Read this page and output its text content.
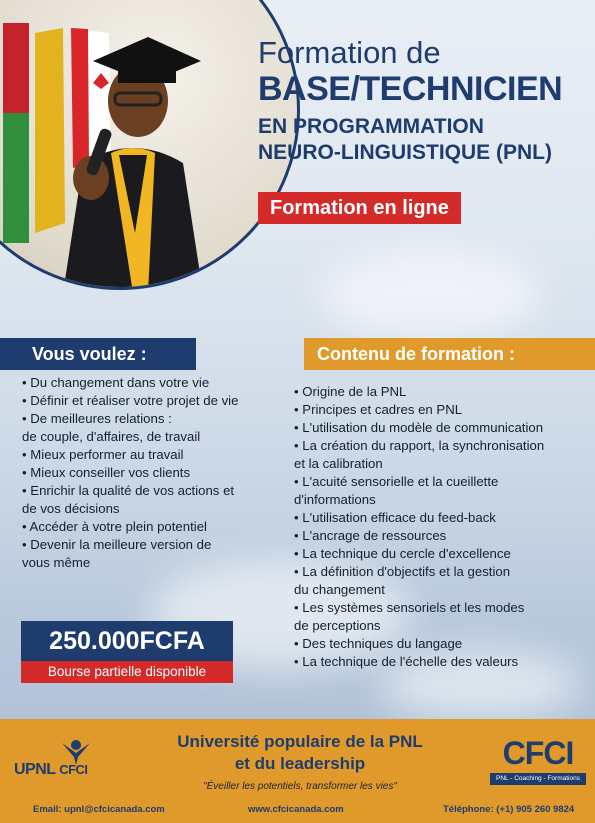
Formation de
BASE/TECHNICIEN
EN PROGRAMMATION
NEURO-LINGUISTIQUE (PNL)
Formation en ligne
Vous voulez :	Contenu de formation :
• Du changement dans votre vie
• Définir et réaliser votre projet de vie
• De meilleures relations :
de couple, d'affaires, de travail
• Mieux performer au travail
• Mieux conseiller vos clients
• Enrichir la qualité de vos actions et
de vos décisions
• Accéder à votre plein potentiel
• Devenir la meilleure version de
vous même
• Origine de la PNL
• Principes et cadres en PNL
• L'utilisation du modèle de communication
• La création du rapport, la synchronisation
et la calibration
• L'acuité sensorielle et la cueillette
d'informations
• L'utilisation efficace du feed-back
• L'ancrage de ressources
• La technique du cercle d'excellence
• La définition d'objectifs et la gestion
du changement
• Les systèmes sensoriels et les modes
de perceptions
• Des techniques du langage
• La technique de l'échelle des valeurs
250.000FCFA
Bourse partielle disponible
UPNL CFCI
Université populaire de la PNL
et du leadership
"Éveiller les potentiels, transformer les vies"
CFCI
PNL - Coaching - Formations
Email: upnl@cfcicanada.com	www.cfcicanada.com	Téléphone: (+1) 905 260 9824
